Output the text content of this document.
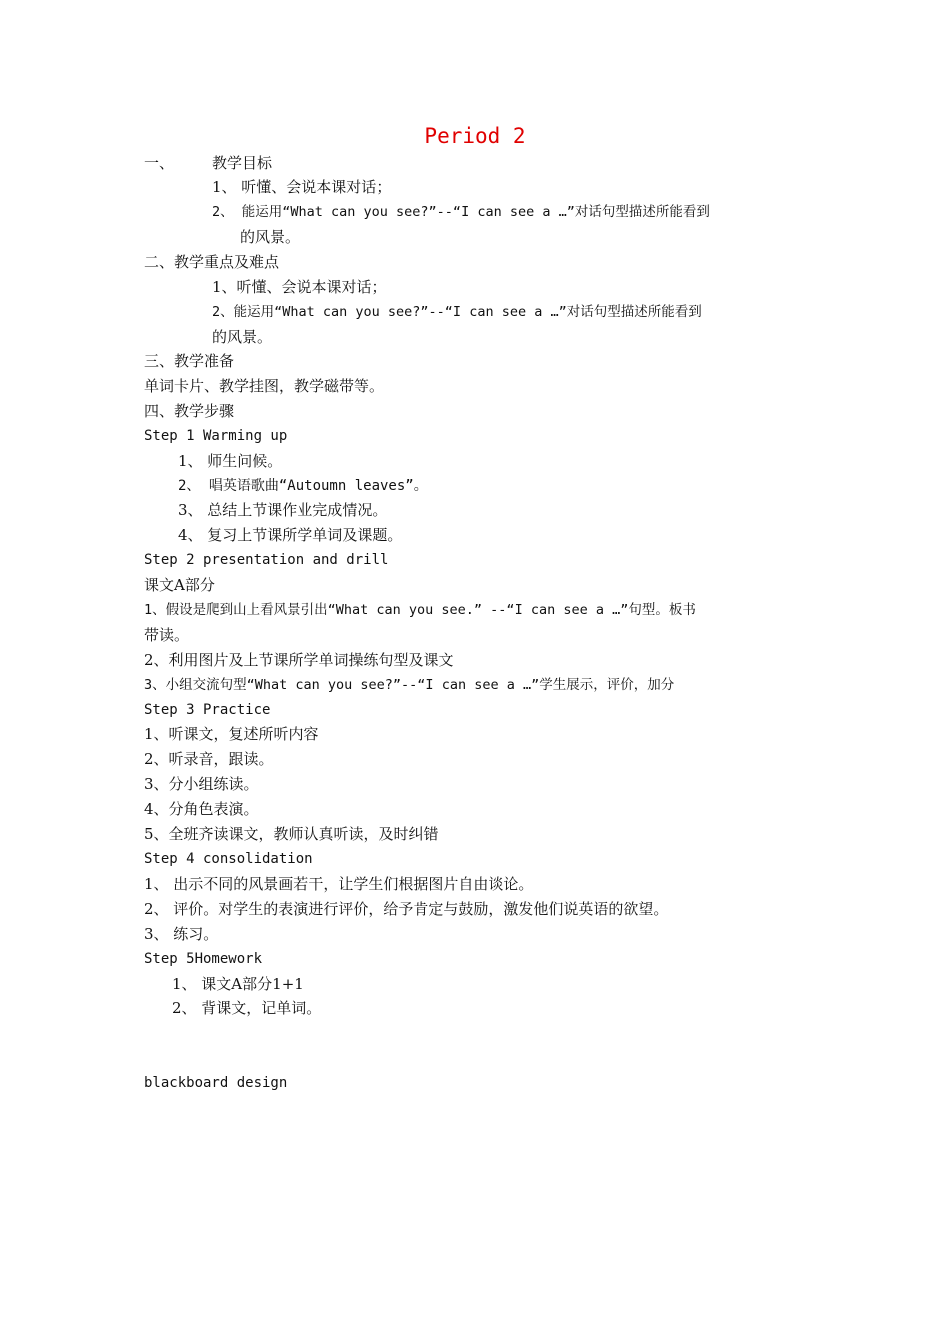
Period 2
一、	教学目标
1、 听懂、会说本课对话；
2、 能运用“What can you see?”--“I can see a …”对话句型描述所能看到
的风景。
二、教学重点及难点
1、听懂、会说本课对话；
2、能运用“What can you see?”--“I can see a …”对话句型描述所能看到
的风景。
三、教学准备
单词卡片、教学挂图，教学磁带等。
四、教学步骤
Step 1 Warming up
1、 师生问候。
2、 唱英语歌曲“Autoumn leaves”。
3、 总结上节课作业完成情况。
4、 复习上节课所学单词及课题。
Step 2 presentation and drill
课文A部分
1、假设是爬到山上看风景引出“What can you see.” --“I can see a …”句型。板书
带读。
2、利用图片及上节课所学单词操练句型及课文
3、小组交流句型“What can you see?”--“I can see a …”学生展示，评价，加分
Step 3 Practice
1、听课文，复述所听内容
2、听录音，跟读。
3、分小组练读。
4、分角色表演。
5、全班齐读课文，教师认真听读，及时纠错
Step 4 consolidation
1、 出示不同的风景画若干，让学生们根据图片自由谈论。
2、 评价。对学生的表演进行评价，给予肯定与鼓励，激发他们说英语的欲望。
3、 练习。
Step 5Homework
1、 课文A部分1+1
2、 背课文，记单词。
blackboard design
